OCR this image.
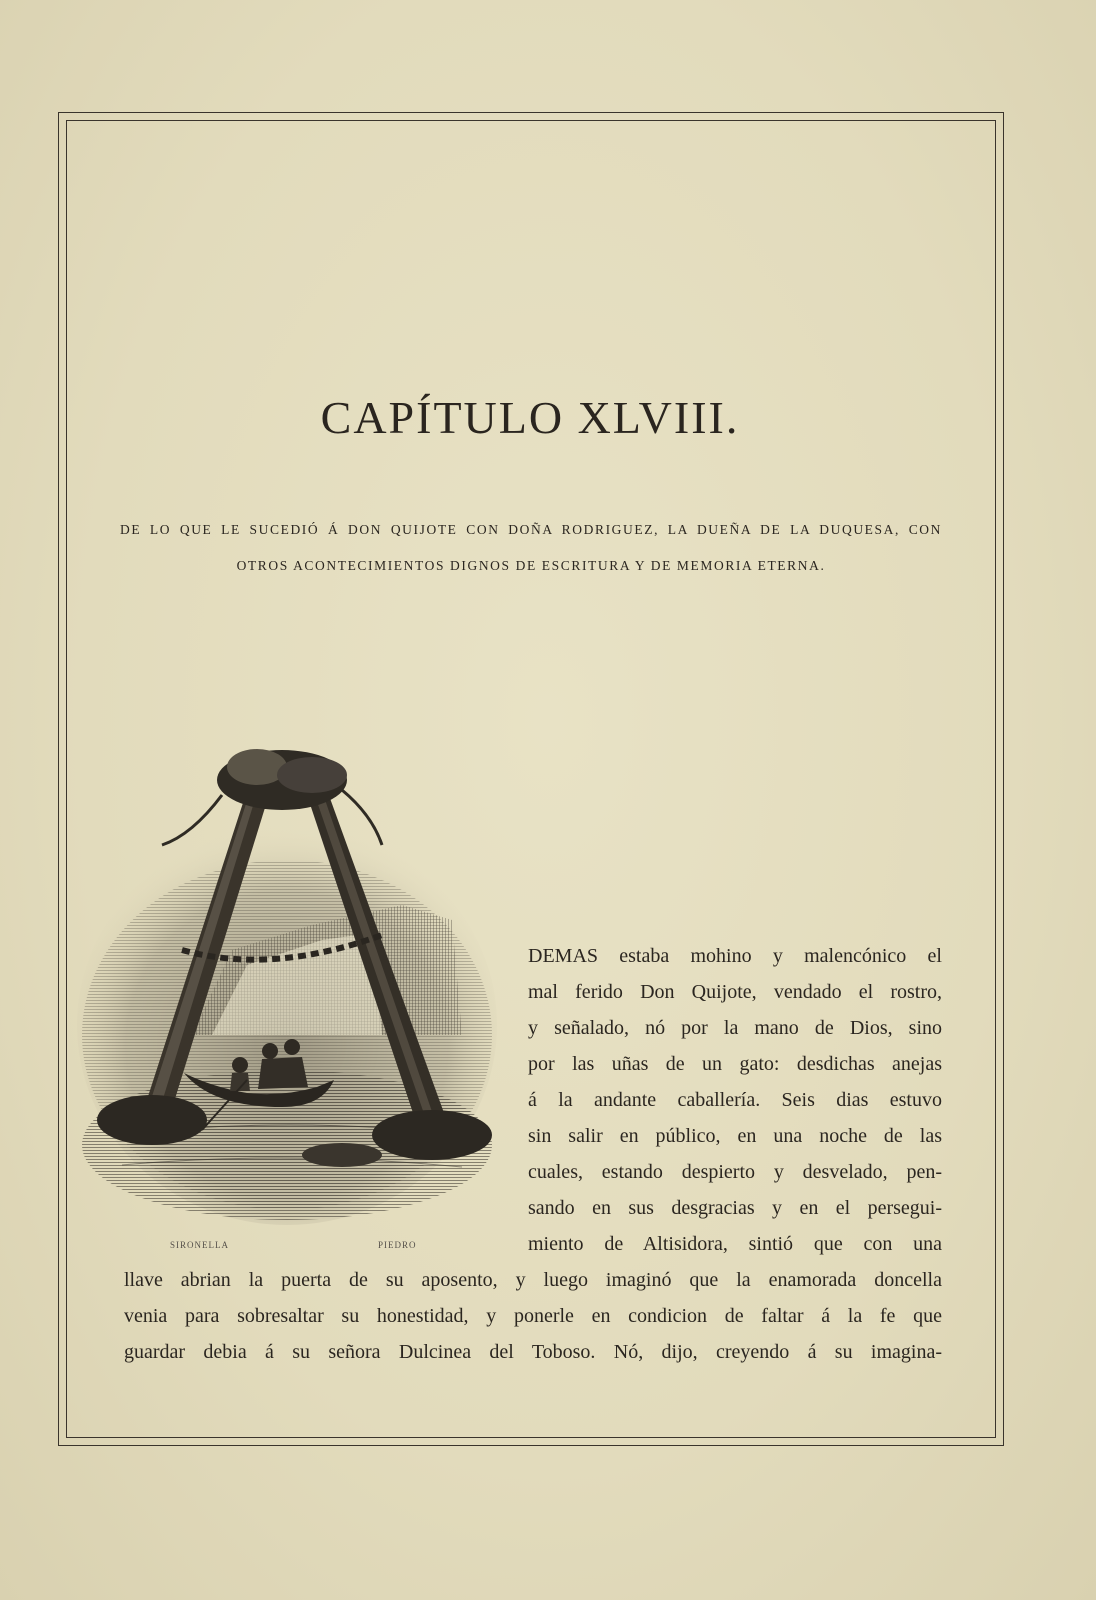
CAPÍTULO XLVIII.
DE LO QUE LE SUCEDIÓ Á DON QUIJOTE CON DOÑA RODRIGUEZ, LA DUEÑA DE LA DUQUESA, CON
OTROS ACONTECIMIENTOS DIGNOS DE ESCRITURA Y DE MEMORIA ETERNA.
SIRONELLA	PIEDRO
DEMAS estaba mohino y malencónico el
mal ferido Don Quijote, vendado el rostro,
y señalado, nó por la mano de Dios, sino
por las uñas de un gato: desdichas anejas
á la andante caballería. Seis dias estuvo
sin salir en público, en una noche de las
cuales, estando despierto y desvelado, pen-
sando en sus desgracias y en el persegui-
miento de Altisidora, sintió que con una
llave abrian la puerta de su aposento, y luego imaginó que la enamorada doncella
venia para sobresaltar su honestidad, y ponerle en condicion de faltar á la fe que
guardar debia á su señora Dulcinea del Toboso. Nó, dijo, creyendo á su imagina-
